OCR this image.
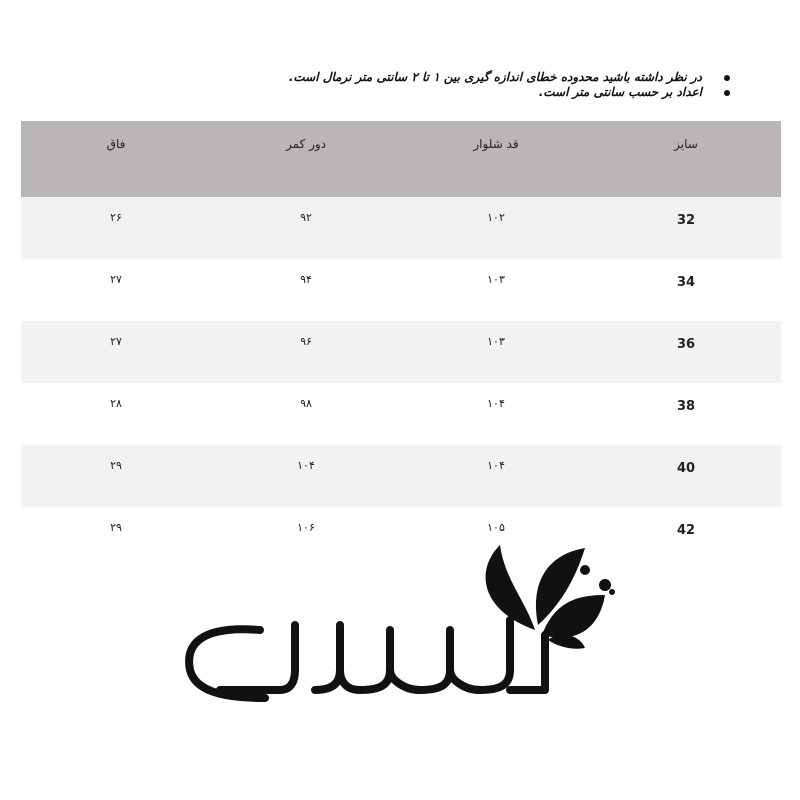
در نظر داشته باشید محدوده خطای اندازه گیری بین ۱ تا ۲ سانتی متر نرمال است.
اعداد بر حسب سانتی متر است.
سایز	قد شلوار	دور کمر	فاق
32	۱۰۲	۹۲	۲۶
34	۱۰۳	۹۴	۲۷
36	۱۰۳	۹۶	۲۷
38	۱۰۴	۹۸	۲۸
40	۱۰۴	۱۰۴	۲۹
42	۱۰۵	۱۰۶	۲۹
لیلیان
